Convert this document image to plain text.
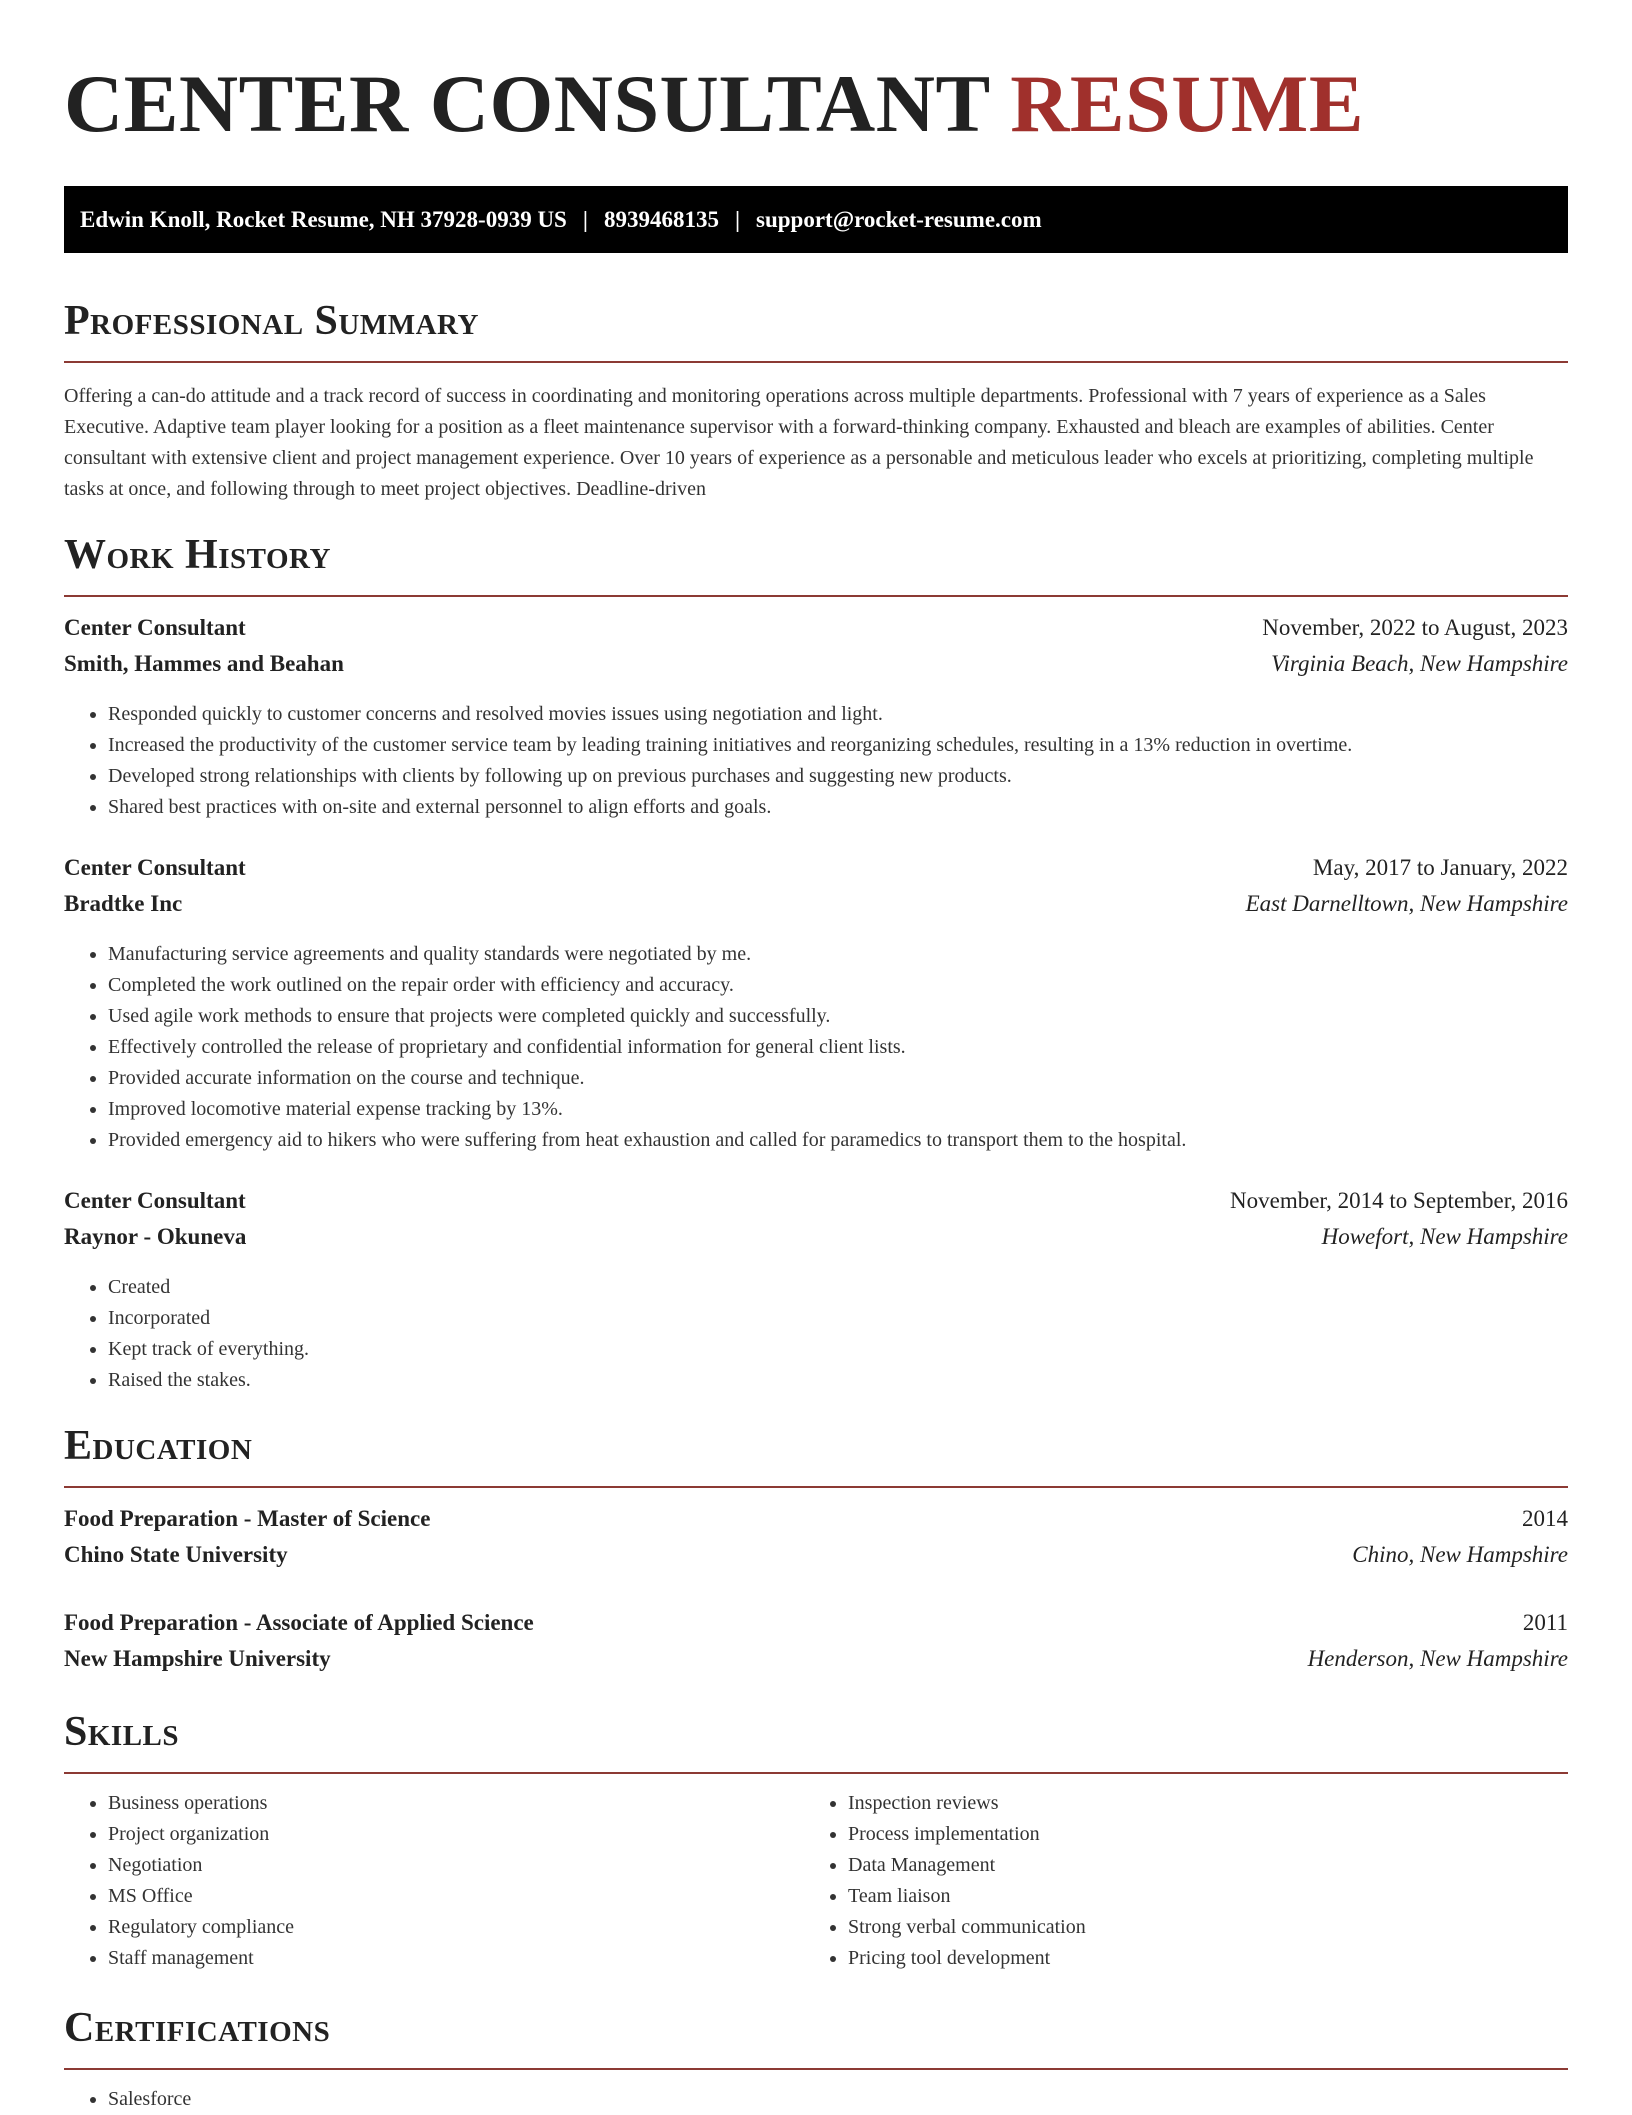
CENTER CONSULTANT RESUME
Edwin Knoll, Rocket Resume, NH 37928-0939 US | 8939468135 | support@rocket-resume.com
Professional Summary

Offering a can-do attitude and a track record of success in coordinating and monitoring operations across multiple departments. Professional with 7 years of experience as a Sales Executive. Adaptive team player looking for a position as a fleet maintenance supervisor with a forward-thinking company. Exhausted and bleach are examples of abilities. Center consultant with extensive client and project management experience. Over 10 years of experience as a personable and meticulous leader who excels at prioritizing, completing multiple tasks at once, and following through to meet project objectives. Deadline-driven

Work History
Center Consultant	November, 2022 to August, 2023
Smith, Hammes and Beahan	Virginia Beach, New Hampshire
• Responded quickly to customer concerns and resolved movies issues using negotiation and light.
• Increased the productivity of the customer service team by leading training initiatives and reorganizing schedules, resulting in a 13% reduction in overtime.
• Developed strong relationships with clients by following up on previous purchases and suggesting new products.
• Shared best practices with on-site and external personnel to align efforts and goals.
Center Consultant	May, 2017 to January, 2022
Bradtke Inc	East Darnelltown, New Hampshire
• Manufacturing service agreements and quality standards were negotiated by me.
• Completed the work outlined on the repair order with efficiency and accuracy.
• Used agile work methods to ensure that projects were completed quickly and successfully.
• Effectively controlled the release of proprietary and confidential information for general client lists.
• Provided accurate information on the course and technique.
• Improved locomotive material expense tracking by 13%.
• Provided emergency aid to hikers who were suffering from heat exhaustion and called for paramedics to transport them to the hospital.
Center Consultant	November, 2014 to September, 2016
Raynor - Okuneva	Howefort, New Hampshire
• Created
• Incorporated
• Kept track of everything.
• Raised the stakes.
Education
Food Preparation - Master of Science	2014
Chino State University	Chino, New Hampshire
Food Preparation - Associate of Applied Science	2011
New Hampshire University	Henderson, New Hampshire
Skills
• Business operations
• Project organization
• Negotiation
• MS Office
• Regulatory compliance
• Staff management
• Inspection reviews
• Process implementation
• Data Management
• Team liaison
• Strong verbal communication
• Pricing tool development
Certifications
• Salesforce
